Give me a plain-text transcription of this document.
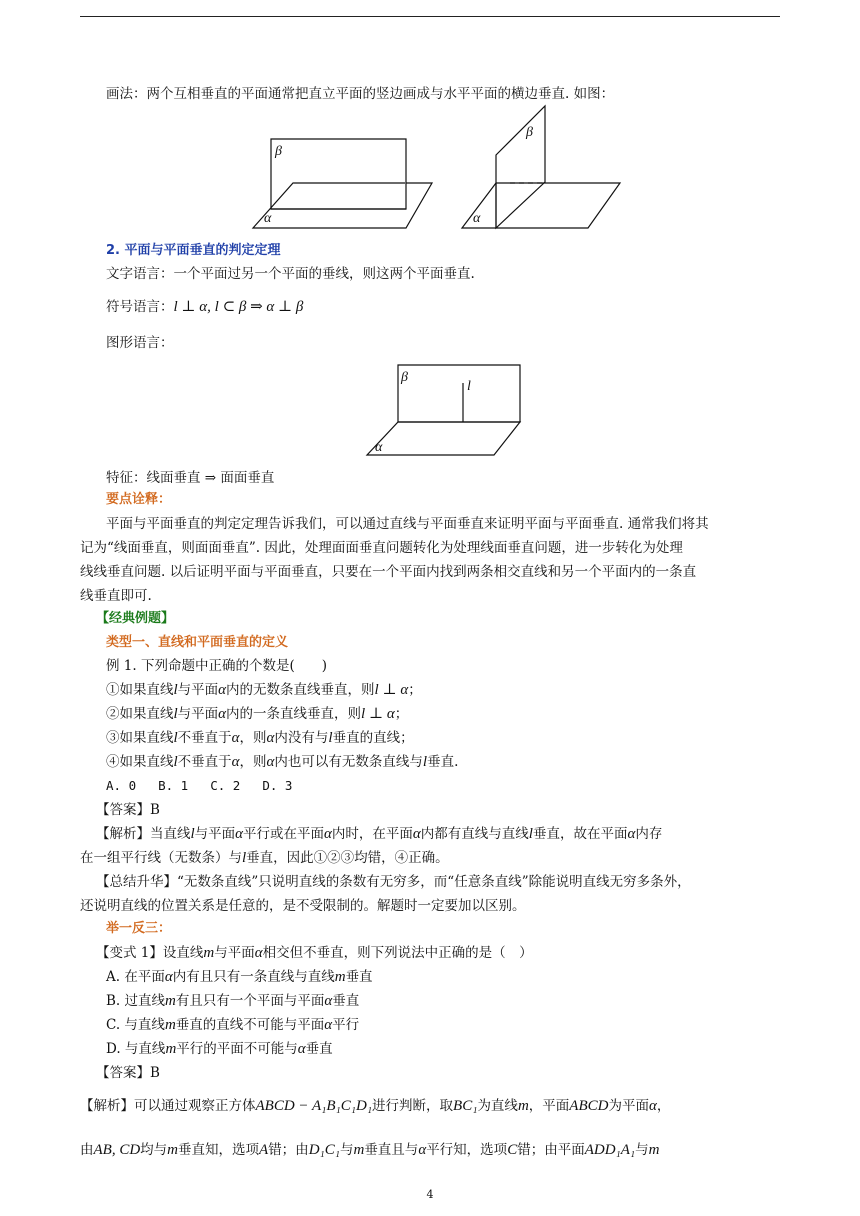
画法：两个互相垂直的平面通常把直立平面的竖边画成与水平平面的横边垂直. 如图：
β
α
β
α
2. 平面与平面垂直的判定定理
文字语言：一个平面过另一个平面的垂线，则这两个平面垂直.
符号语言：l ⊥ α, l ⊂ β ⇒ α ⊥ β
图形语言：
β
l
α
特征：线面垂直 ⇒ 面面垂直
要点诠释：
平面与平面垂直的判定定理告诉我们，可以通过直线与平面垂直来证明平面与平面垂直. 通常我们将其
记为“线面垂直，则面面垂直”. 因此，处理面面垂直问题转化为处理线面垂直问题，进一步转化为处理
线线垂直问题. 以后证明平面与平面垂直，只要在一个平面内找到两条相交直线和另一个平面内的一条直
线垂直即可.
【经典例题】
类型一、直线和平面垂直的定义
例 1. 下列命题中正确的个数是(　　)
①如果直线l与平面α内的无数条直线垂直，则l ⊥ α；
②如果直线l与平面α内的一条直线垂直，则l ⊥ α；
③如果直线l不垂直于α，则α内没有与l垂直的直线；
④如果直线l不垂直于α，则α内也可以有无数条直线与l垂直.
A. 0 B. 1 C. 2 D. 3
【答案】B
【解析】当直线l与平面α平行或在平面α内时，在平面α内都有直线与直线l垂直，故在平面α内存
在一组平行线（无数条）与l垂直，因此①②③均错，④正确。
【总结升华】“无数条直线”只说明直线的条数有无穷多，而“任意条直线”除能说明直线无穷多条外，
还说明直线的位置关系是任意的，是不受限制的。解题时一定要加以区别。
举一反三：
【变式 1】设直线m与平面α相交但不垂直，则下列说法中正确的是（　）
A. 在平面α内有且只有一条直线与直线m垂直
B. 过直线m有且只有一个平面与平面α垂直
C. 与直线m垂直的直线不可能与平面α平行
D. 与直线m平行的平面不可能与α垂直
【答案】B
【解析】可以通过观察正方体ABCD − A₁B₁C₁D₁进行判断，取BC₁为直线m，平面ABCD为平面α，
由AB, CD均与m垂直知，选项A错；由D₁C₁与m垂直且与α平行知，选项C错；由平面ADD₁A₁与m
4
